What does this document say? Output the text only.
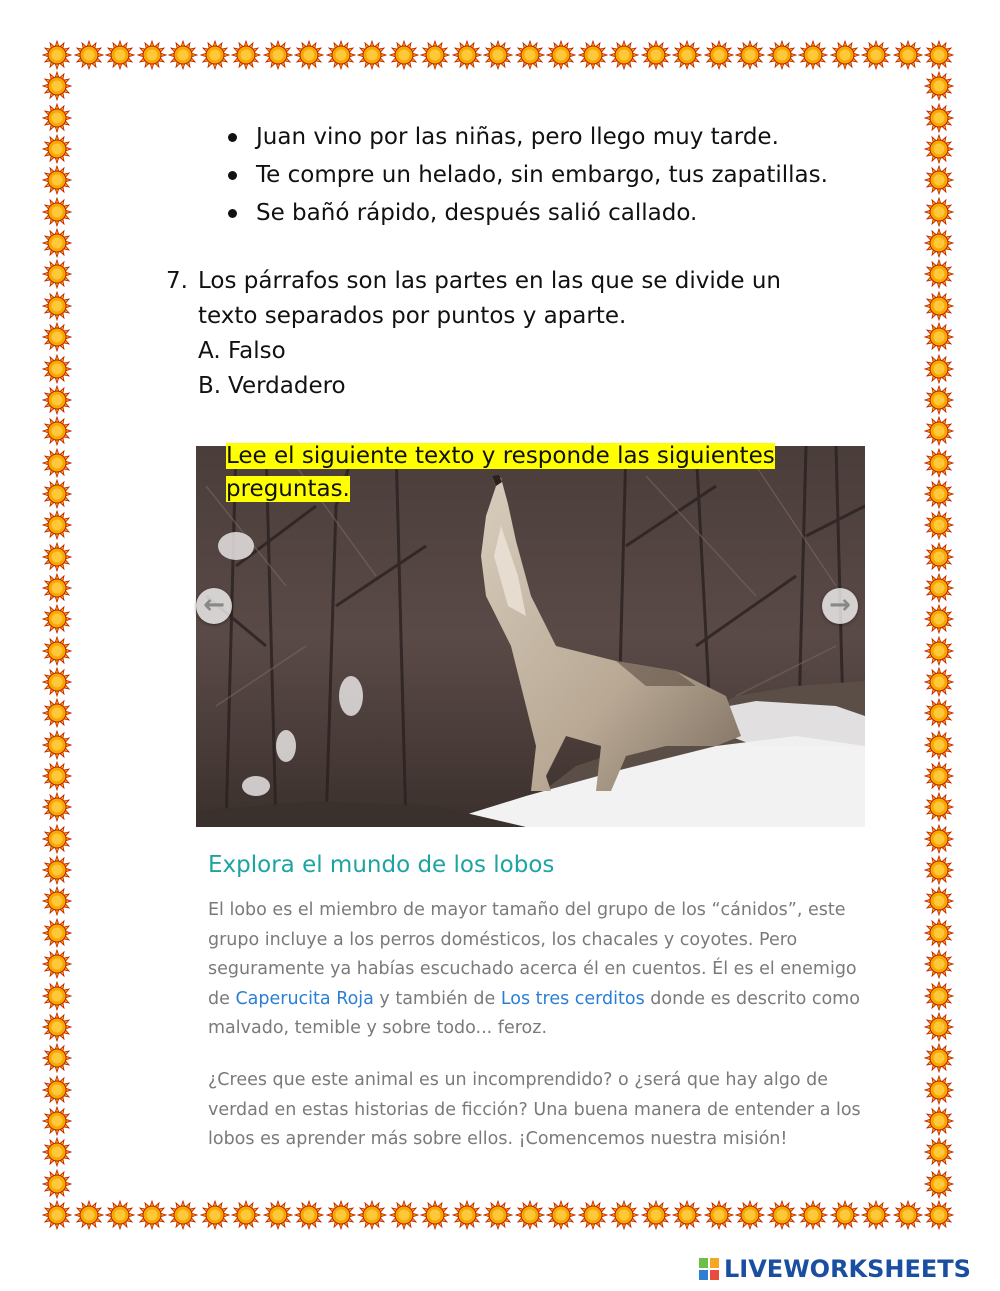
Juan vino por las niñas, pero llego muy tarde.
Te compre un helado, sin embargo, tus zapatillas.
Se bañó rápido, después salió callado.
7. Los párrafos son las partes en las que se divide un texto separados por puntos y aparte.
A. Falso
B. Verdadero
←	→
Lee el siguiente texto y responde las siguientes preguntas.
Explora el mundo de los lobos
El lobo es el miembro de mayor tamaño del grupo de los “cánidos”, este grupo incluye a los perros domésticos, los chacales y coyotes. Pero seguramente ya habías escuchado acerca él en cuentos. Él es el enemigo de Caperucita Roja y también de Los tres cerditos donde es descrito como malvado, temible y sobre todo... feroz.
¿Crees que este animal es un incomprendido? o ¿será que hay algo de verdad en estas historias de ficción? Una buena manera de entender a los lobos es aprender más sobre ellos. ¡Comencemos nuestra misión!
LIVEWORKSHEETS
